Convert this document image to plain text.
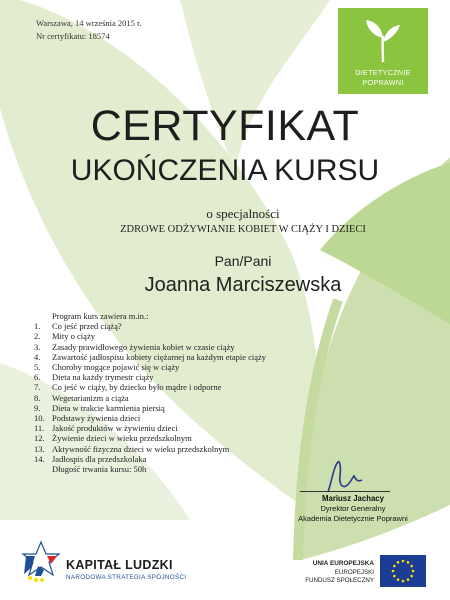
Warszawa, 14 września 2015 r.
Nr certyfikatu: 18574
DIETETYCZNIE
POPRAWNI
CERTYFIKAT
UKOŃCZENIA KURSU
o specjalności
ZDROWE ODŻYWIANIE KOBIET W CIĄŻY I DZIECI
Pan/Pani
Joanna Marciszewska
Program kurs zawiera m.in.:
1. Co jeść przed ciążą?
2. Mity o ciąży
3. Zasady prawidłowego żywienia kobiet w czasie ciąży
4. Zawartość jadłospisu kobiety ciężarnej na każdym etapie ciąży
5. Choroby mogące pojawić się w ciąży
6. Dieta na każdy trymestr ciąży
7. Co jeść w ciąży, by dziecko było mądre i odporne
8. Wegetarianizm a ciąża
9. Dieta w trakcie karmienia piersią
10. Podstawy żywienia dzieci
11. Jakość produktów w żywieniu dzieci
12. Żywienie dzieci w wieku przedszkolnym
13. Aktywność fizyczna dzieci w wieku przedszkolnym
14. Jadłospis dla przedszkolaka
Długość trwania kursu: 50h
Mariusz Jachacy
Dyrektor Generalny
Akademia Dietetycznie Poprawni
KAPITAŁ LUDZKI
NARODOWA STRATEGIA SPÓJNOŚCI
UNIA EUROPEJSKA
EUROPEJSKI
FUNDUSZ SPOŁECZNY
